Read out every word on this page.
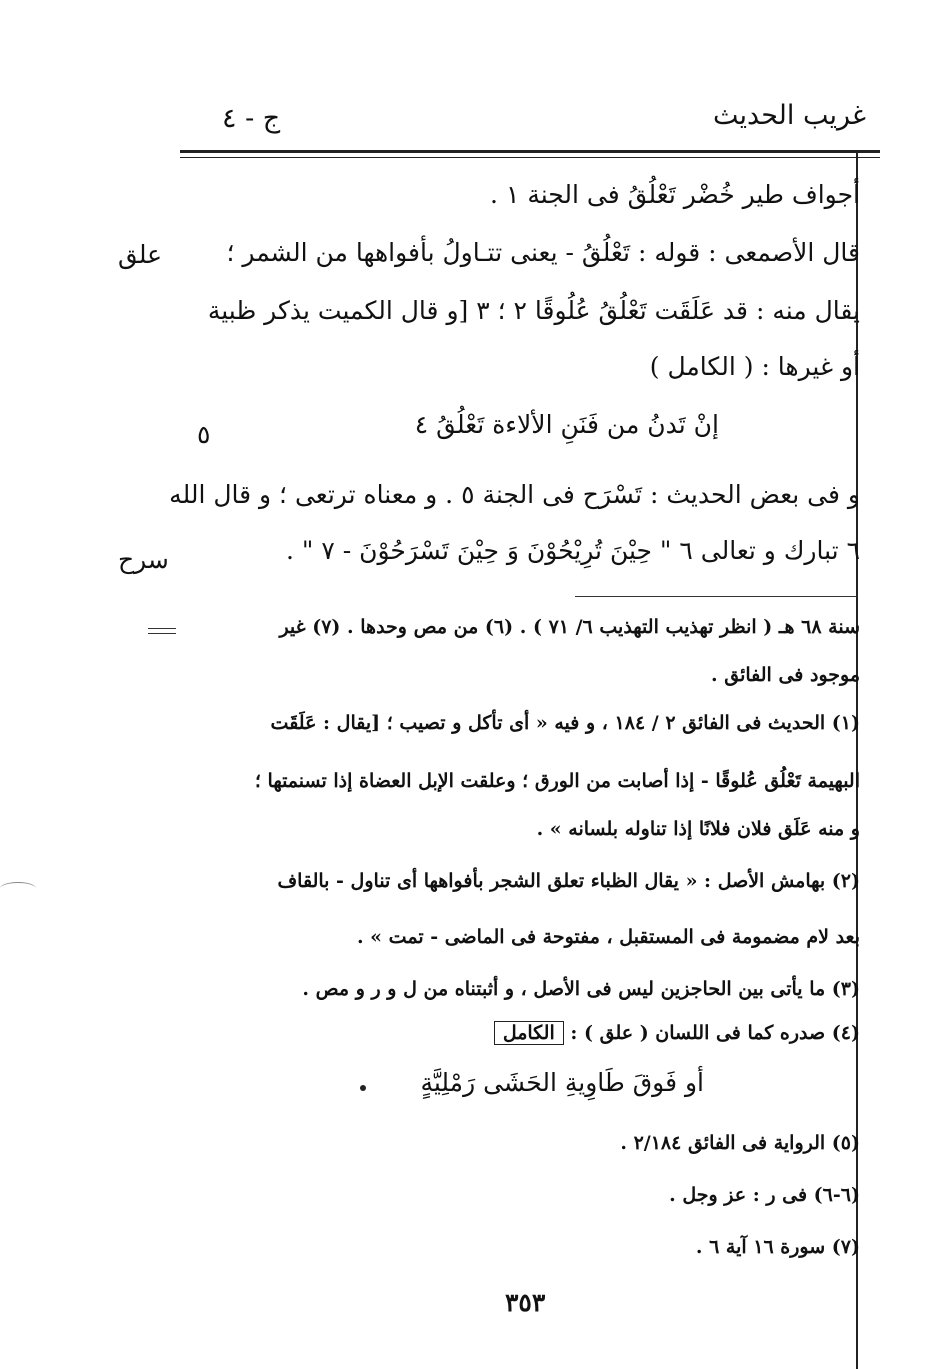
غريب الحديث
ج - ٤
أجواف طير خُضْر تَعْلُقُ فى الجنة ١ .
قال الأصمعى : قوله : تَعْلُقُ - يعنى تتـاولُ بأفواهها من الشمر ؛
يقال منه : قد عَلَقَت تَعْلُقُ عُلُوقًا ٢ ؛ ٣ [و قال الكميت يذكر ظبية
أو غيرها : ( الكامل )
إنْ تَدنُ من فَنَنِ الألاءة تَعْلُقُ ٤
و فى بعض الحديث : تَسْرَح فى الجنة ٥ . و معناه ترتعى ؛ و قال الله
٦ تبارك و تعالى ٦ " حِيْنَ تُرِيْحُوْنَ وَ حِيْنَ تَسْرَحُوْنَ - ٧ " .
علق
٥
سرح
سنة ٦٨ هـ ( انظر تهذيب التهذيب ٦/ ٧١ ) . (٦) من مص وحدها . (٧) غير
موجود فى الفائق .
(١) الحديث فى الفائق ٢ / ١٨٤ ، و فيه « أى تأكل و تصيب ؛ [يقال : عَلَقَت
البهيمة تَعْلُق عُلوقًا - إذا أصابت من الورق ؛ وعلقت الإبل العضاة إذا تسنمتها ؛
و منه عَلَق فلان فلانًا إذا تناوله بلسانه » .
(٢) بهامش الأصل : « يقال الظباء تعلق الشجر بأفواهها أى تناول - بالقاف
بعد لام مضمومة فى المستقبل ، مفتوحة فى الماضى - تمت » .
(٣) ما يأتى بين الحاجزين ليس فى الأصل ، و أثبتناه من ل و ر و مص .
(٤) صدره كما فى اللسان ( علق ) : الكامل
أو فَوقَ طَاوِيةِ الحَشَى رَمْلِيَّةٍ
(٥) الرواية فى الفائق ٢/١٨٤ .
(٦-٦) فى ر : عز وجل .
(٧) سورة ١٦ آية ٦ .
٣٥٣
